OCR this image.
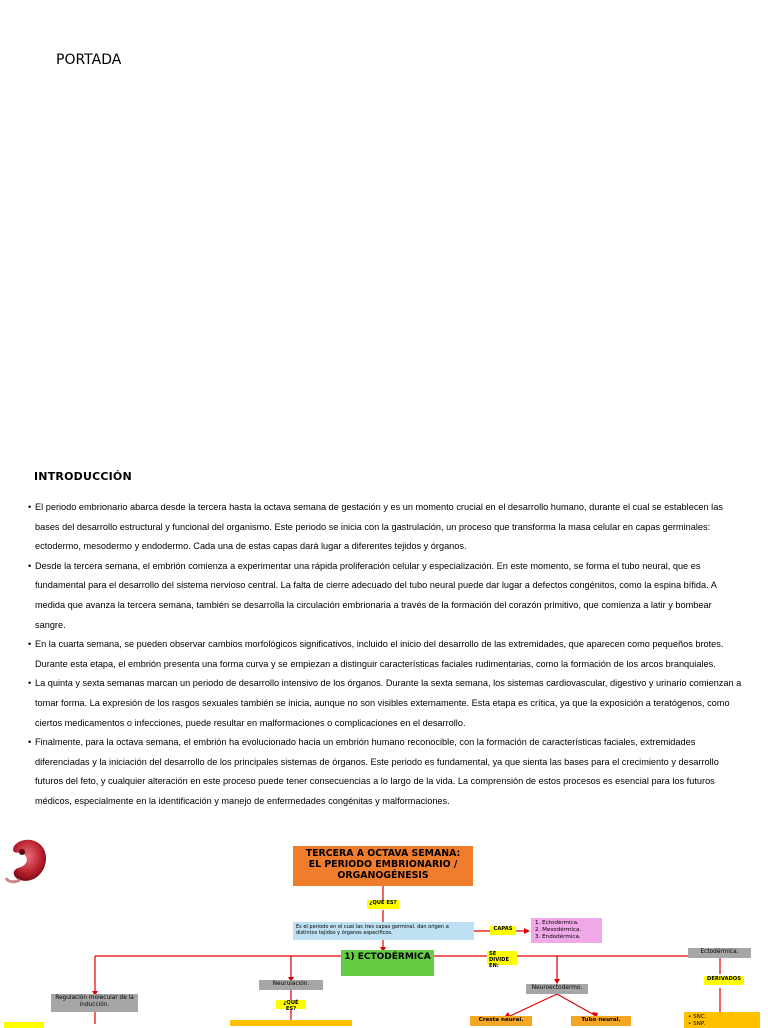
PORTADA
INTRODUCCIÓN

• El periodo embrionario abarca desde la tercera hasta la octava semana de gestación y es un momento crucial en el desarrollo humano, durante el cual se establecen las bases del desarrollo estructural y funcional del organismo. Este periodo se inicia con la gastrulación, un proceso que transforma la masa celular en capas germinales: ectodermo, mesodermo y endodermo. Cada una de estas capas dará lugar a diferentes tejidos y órganos.

• Desde la tercera semana, el embrión comienza a experimentar una rápida proliferación celular y especialización. En este momento, se forma el tubo neural, que es fundamental para el desarrollo del sistema nervioso central. La falta de cierre adecuado del tubo neural puede dar lugar a defectos congénitos, como la espina bífida. A medida que avanza la tercera semana, también se desarrolla la circulación embrionaria a través de la formación del corazón primitivo, que comienza a latir y bombear sangre.

• En la cuarta semana, se pueden observar cambios morfológicos significativos, incluido el inicio del desarrollo de las extremidades, que aparecen como pequeños brotes. Durante esta etapa, el embrión presenta una forma curva y se empiezan a distinguir características faciales rudimentarias, como la formación de los arcos branquiales.

• La quinta y sexta semanas marcan un periodo de desarrollo intensivo de los órganos. Durante la sexta semana, los sistemas cardiovascular, digestivo y urinario comienzan a tomar forma. La expresión de los rasgos sexuales también se inicia, aunque no son visibles externamente. Esta etapa es crítica, ya que la exposición a teratógenos, como ciertos medicamentos o infecciones, puede resultar en malformaciones o complicaciones en el desarrollo.

• Finalmente, para la octava semana, el embrión ha evolucionado hacia un embrión humano reconocible, con la formación de características faciales, extremidades diferenciadas y la iniciación del desarrollo de los principales sistemas de órganos. Este periodo es fundamental, ya que sienta las bases para el crecimiento y desarrollo futuros del feto, y cualquier alteración en este proceso puede tener consecuencias a lo largo de la vida. La comprensión de estos procesos es esencial para los futuros médicos, especialmente en la identificación y manejo de enfermedades congénitas y malformaciones.

TERCERA A OCTAVA SEMANA:
EL PERIODO EMBRIONARIO /
ORGANOGÉNESIS
¿QUÉ ES?
Es el periodo en el cual las tres capas germinal. dan origen a distintos tejidos y órganos específicos.
CAPAS
1. Ectodérmica.
2. Mesodérmica.
3. Endodérmica.
1) ECTODÉRMICA	SE DIVIDE EN:
Regulación molecular de la inducción.
Neurulación.
¿QUÉ ES?
Neuroectodermo.
Cresta neural.	Tubo neural.
Ectodérmica.
DERIVADOS
• SNC.
• SNP.
